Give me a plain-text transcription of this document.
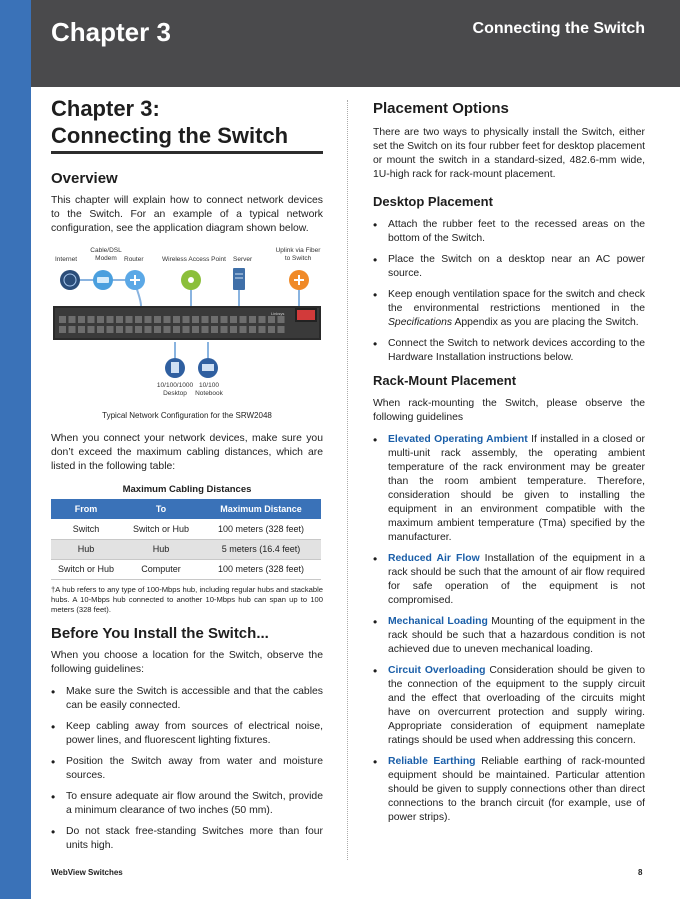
Chapter 3	Connecting the Switch
Chapter 3:
Connecting the Switch
Overview

This chapter will explain how to connect network devices to the Switch. For an example of a typical network configuration, see the application diagram shown below.

Internet
Cable/DSL Modem	Router	Wireless Access Point Server
Uplink via Fiber to Switch
Linksys
10/100/1000 Desktop
10/100 Notebook
Typical Network Configuration for the SRW2048

When you connect your network devices, make sure you don’t exceed the maximum cabling distances, which are listed in the following table:

Maximum Cabling Distances
From	To	Maximum Distance
Switch	Switch or Hub	100 meters (328 feet)
Hub	Hub	5 meters (16.4 feet)
Switch or Hub	Computer	100 meters (328 feet)

†A hub refers to any type of 100-Mbps hub, including regular hubs and stackable hubs. A 10-Mbps hub connected to another 10-Mbps hub can span up to 100 meters (328 feet).

Before You Install the Switch...

When you choose a location for the Switch, observe the following guidelines:

• Make sure the Switch is accessible and that the cables can be easily connected.
• Keep cabling away from sources of electrical noise, power lines, and fluorescent lighting fixtures.
• Position the Switch away from water and moisture sources.
• To ensure adequate air flow around the Switch, provide a minimum clearance of two inches (50 mm).
• Do not stack free-standing Switches more than four units high.
Placement Options

There are two ways to physically install the Switch, either set the Switch on its four rubber feet for desktop placement or mount the switch in a standard-sized, 482.6-mm wide, 1U-high rack for rack-mount placement.

Desktop Placement
• Attach the rubber feet to the recessed areas on the bottom of the Switch.
• Place the Switch on a desktop near an AC power source.
• Keep enough ventilation space for the switch and check the environmental restrictions mentioned in the Specifications Appendix as you are placing the Switch.
• Connect the Switch to network devices according to the Hardware Installation instructions below.
Rack-Mount Placement

When rack-mounting the Switch, please observe the following guidelines

• Elevated Operating Ambient If installed in a closed or multi-unit rack assembly, the operating ambient temperature of the rack environment may be greater than the room ambient temperature. Therefore, consideration should be given to installing the equipment in an environment compatible with the maximum ambient temperature (Tma) specified by the manufacturer.
• Reduced Air Flow Installation of the equipment in a rack should be such that the amount of air flow required for safe operation of the equipment is not compromised.
• Mechanical Loading Mounting of the equipment in the rack should be such that a hazardous condition is not achieved due to uneven mechanical loading.
• Circuit Overloading Consideration should be given to the connection of the equipment to the supply circuit and the effect that overloading of the circuits might have on overcurrent protection and supply wiring. Appropriate consideration of equipment nameplate ratings should be used when addressing this concern.
• Reliable Earthing Reliable earthing of rack-mounted equipment should be maintained. Particular attention should be given to supply connections other than direct connections to the branch circuit (for example, use of power strips).
WebView Switches	8
